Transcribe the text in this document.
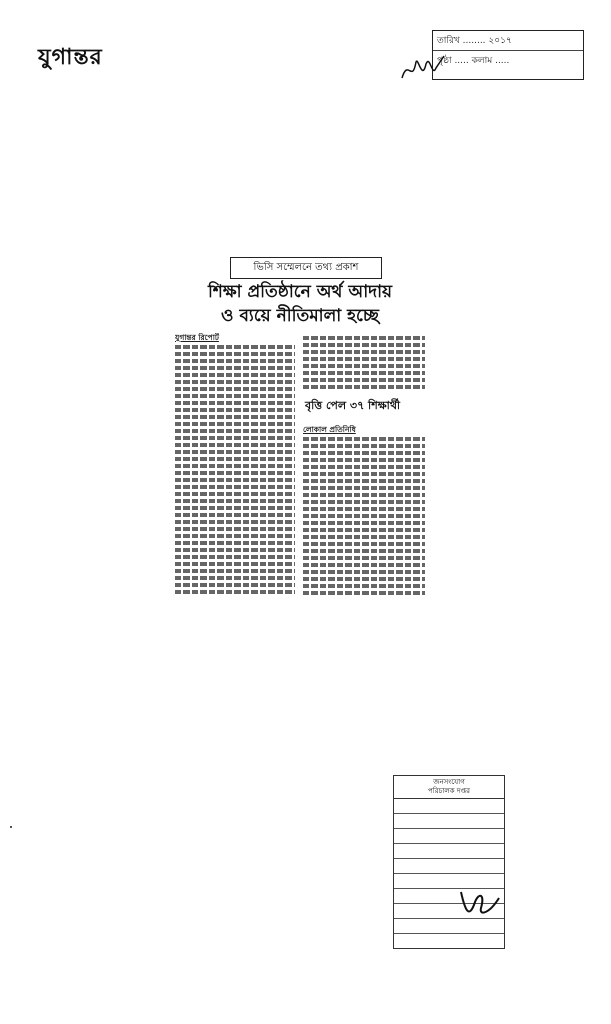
যুগান্তর
তারিখ ........ ২০১৭
পৃষ্ঠা ..... কলাম .....
ভিসি সম্মেলনে তথ্য প্রকাশ
শিক্ষা প্রতিষ্ঠানে অর্থ আদায়
ও ব্যয়ে নীতিমালা হচ্ছে
যুগান্তর রিপোর্ট
বৃত্তি পেল ৩৭ শিক্ষার্থী
লোকাল প্রতিনিধি
জনসংযোগ
পরিচালক দপ্তর
